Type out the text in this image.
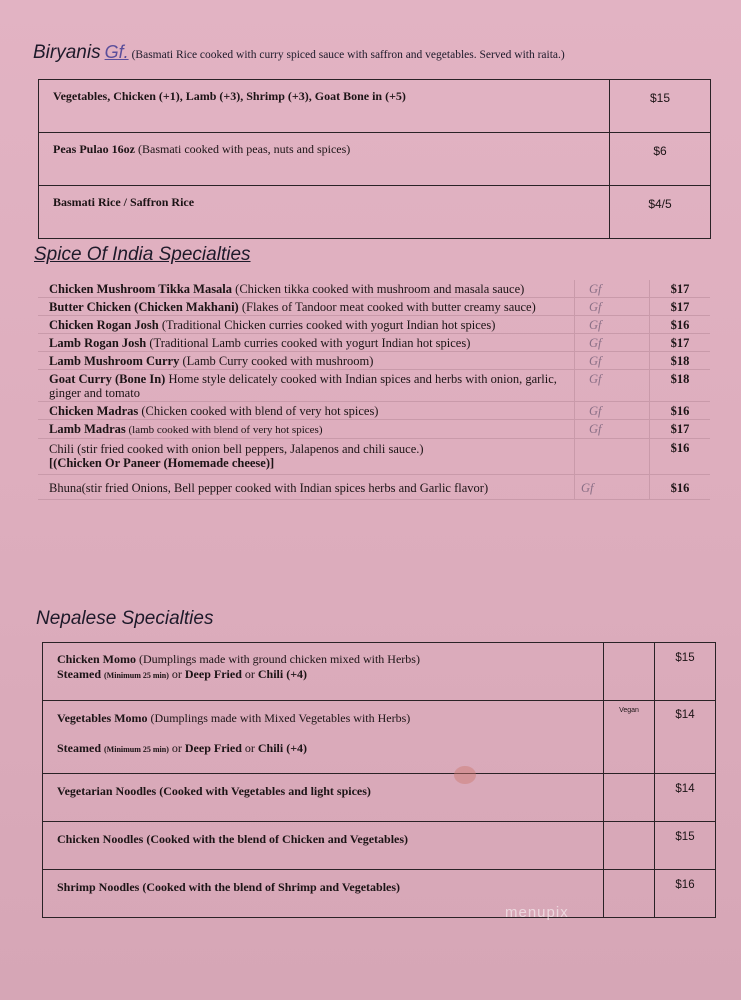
Biryanis Gf. (Basmati Rice cooked with curry spiced sauce with saffron and vegetables. Served with raita.)
Vegetables, Chicken (+1), Lamb (+3), Shrimp (+3), Goat Bone in (+5)	$15
Peas Pulao 16oz (Basmati cooked with peas, nuts and spices)	$6
Basmati Rice / Saffron Rice	$4/5
Spice Of India Specialties
Chicken Mushroom Tikka Masala (Chicken tikka cooked with mushroom and masala sauce)	Gf	$17
Butter Chicken (Chicken Makhani) (Flakes of Tandoor meat cooked with butter creamy sauce)	Gf	$17
Chicken Rogan Josh (Traditional Chicken curries cooked with yogurt Indian hot spices)	Gf	$16
Lamb Rogan Josh (Traditional Lamb curries cooked with yogurt Indian hot spices)	Gf	$17
Lamb Mushroom Curry (Lamb Curry cooked with mushroom)	Gf	$18
Goat Curry (Bone In) Home style delicately cooked with Indian spices and herbs with onion, garlic, ginger and tomato	Gf	$18
Chicken Madras (Chicken cooked with blend of very hot spices)	Gf	$16
Lamb Madras (lamb cooked with blend of very hot spices)	Gf	$17
Chili (stir fried cooked with onion bell peppers, Jalapenos and chili sauce.)
[(Chicken Or Paneer (Homemade cheese)]		$16
Bhuna(stir fried Onions, Bell pepper cooked with Indian spices herbs and Garlic flavor)	Gf	$16
Nepalese Specialties
Chicken Momo (Dumplings made with ground chicken mixed with Herbs)
Steamed (Minimum 25 min) or Deep Fried or Chili (+4)		$15
Vegetables Momo (Dumplings made with Mixed Vegetables with Herbs)

Steamed (Minimum 25 min) or Deep Fried or Chili (+4)	Vegan	$14
Vegetarian Noodles (Cooked with Vegetables and light spices)		$14
Chicken Noodles (Cooked with the blend of Chicken and Vegetables)		$15
Shrimp Noodles (Cooked with the blend of Shrimp and Vegetables)		$16
menupix
